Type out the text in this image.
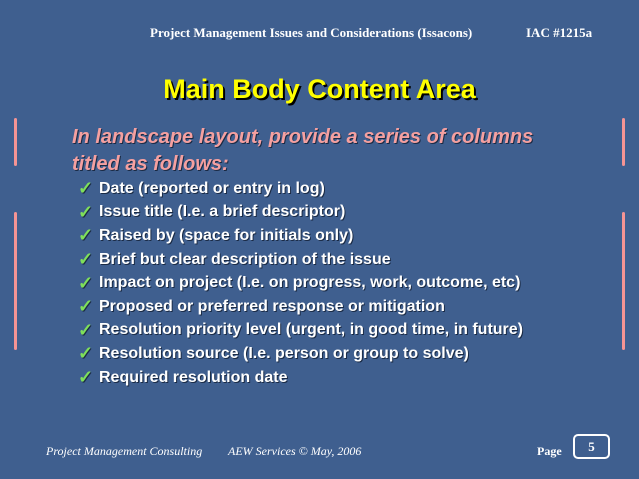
Project Management Issues and Considerations (Issacons)	IAC #1215a
Main Body Content Area
In landscape layout, provide a series of columns
titled as follows:
✓ Date (reported or entry in log)
✓ Issue title (I.e. a brief descriptor)
✓ Raised by (space for initials only)
✓ Brief but clear description of the issue
✓ Impact on project (I.e. on progress, work, outcome, etc)
✓ Proposed or preferred response or mitigation
✓ Resolution priority level (urgent, in good time, in future)
✓ Resolution source (I.e. person or group to solve)
✓ Required resolution date
Project Management Consulting AEW Services © May, 2006	Page	5
